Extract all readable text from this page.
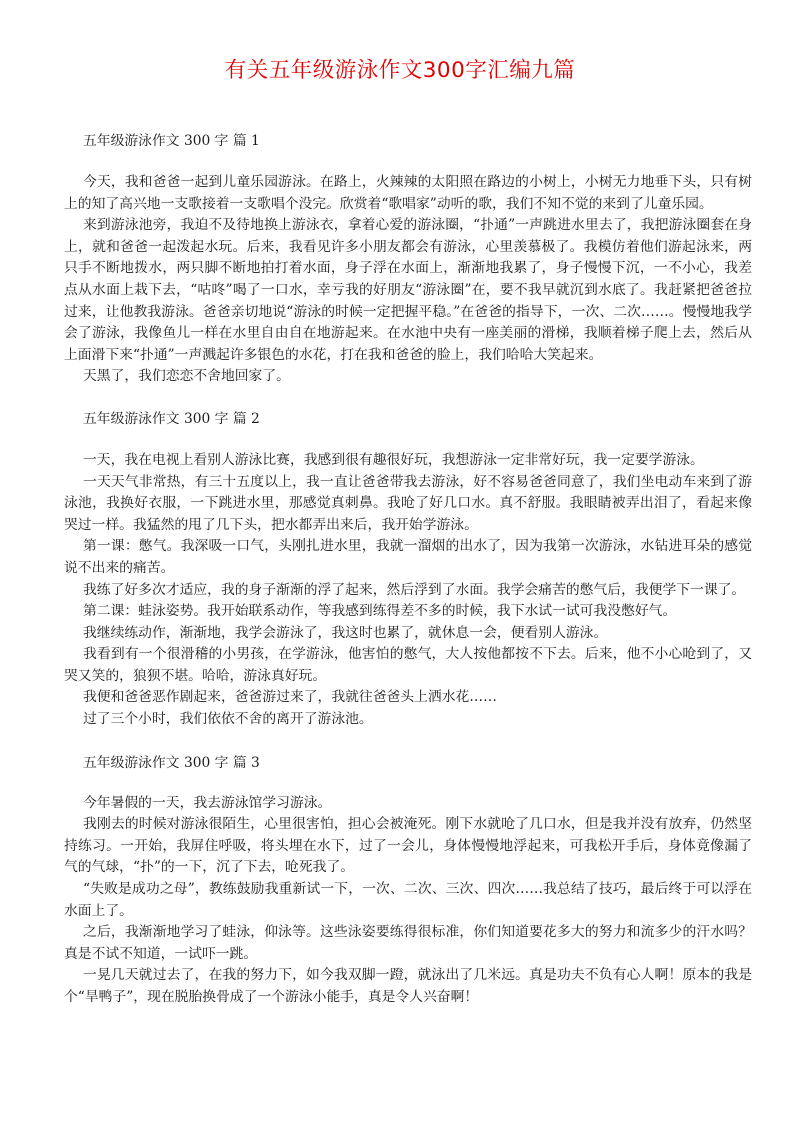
有关五年级游泳作文300字汇编九篇

五年级游泳作文 300 字 篇 1

今天，我和爸爸一起到儿童乐园游泳。在路上，火辣辣的太阳照在路边的小树上，小树无力地垂下头，只有树上的知了高兴地一支歌接着一支歌唱个没完。欣赏着“歌唱家”动听的歌，我们不知不觉的来到了儿童乐园。

来到游泳池旁，我迫不及待地换上游泳衣，拿着心爱的游泳圈，“扑通”一声跳进水里去了，我把游泳圈套在身上，就和爸爸一起泼起水玩。后来，我看见许多小朋友都会有游泳，心里羡慕极了。我模仿着他们游起泳来，两只手不断地拨水，两只脚不断地拍打着水面，身子浮在水面上，渐渐地我累了，身子慢慢下沉，一不小心，我差点从水面上栽下去，“咕咚”喝了一口水，幸亏我的好朋友“游泳圈”在，要不我早就沉到水底了。我赶紧把爸爸拉过来，让他教我游泳。爸爸亲切地说“游泳的时候一定把握平稳。”在爸爸的指导下，一次、二次……。慢慢地我学会了游泳，我像鱼儿一样在水里自由自在地游起来。在水池中央有一座美丽的滑梯，我顺着梯子爬上去，然后从上面滑下来“扑通”一声溅起许多银色的水花，打在我和爸爸的脸上，我们哈哈大笑起来。

天黑了，我们恋恋不舍地回家了。

五年级游泳作文 300 字 篇 2

一天，我在电视上看别人游泳比赛，我感到很有趣很好玩，我想游泳一定非常好玩，我一定要学游泳。

一天天气非常热，有三十五度以上，我一直让爸爸带我去游泳，好不容易爸爸同意了，我们坐电动车来到了游泳池，我换好衣服，一下跳进水里，那感觉真刺鼻。我呛了好几口水。真不舒服。我眼睛被弄出泪了，看起来像哭过一样。我猛然的甩了几下头，把水都弄出来后，我开始学游泳。

第一课：憋气。我深吸一口气，头刚扎进水里，我就一溜烟的出水了，因为我第一次游泳，水钻进耳朵的感觉说不出来的痛苦。

我练了好多次才适应，我的身子渐渐的浮了起来，然后浮到了水面。我学会痛苦的憋气后，我便学下一课了。

第二课：蛙泳姿势。我开始联系动作，等我感到练得差不多的时候，我下水试一试可我没憋好气。

我继续练动作，渐渐地，我学会游泳了，我这时也累了，就休息一会，便看别人游泳。

我看到有一个很滑稽的小男孩，在学游泳，他害怕的憋气，大人按他都按不下去。后来，他不小心呛到了，又哭又笑的，狼狈不堪。哈哈，游泳真好玩。

我便和爸爸恶作剧起来，爸爸游过来了，我就往爸爸头上洒水花……

过了三个小时，我们依依不舍的离开了游泳池。

五年级游泳作文 300 字 篇 3

今年暑假的一天，我去游泳馆学习游泳。

我刚去的时候对游泳很陌生，心里很害怕，担心会被淹死。刚下水就呛了几口水，但是我并没有放弃，仍然坚持练习。一开始，我屏住呼吸，将头埋在水下，过了一会儿，身体慢慢地浮起来，可我松开手后，身体竟像漏了气的气球，“扑”的一下，沉了下去，呛死我了。

“失败是成功之母”，教练鼓励我重新试一下，一次、二次、三次、四次……我总结了技巧，最后终于可以浮在水面上了。

之后，我渐渐地学习了蛙泳，仰泳等。这些泳姿要练得很标准，你们知道要花多大的努力和流多少的汗水吗？真是不试不知道，一试吓一跳。

一晃几天就过去了，在我的努力下，如今我双脚一蹬，就泳出了几米远。真是功夫不负有心人啊！原本的我是个“旱鸭子”，现在脱胎换骨成了一个游泳小能手，真是令人兴奋啊！
